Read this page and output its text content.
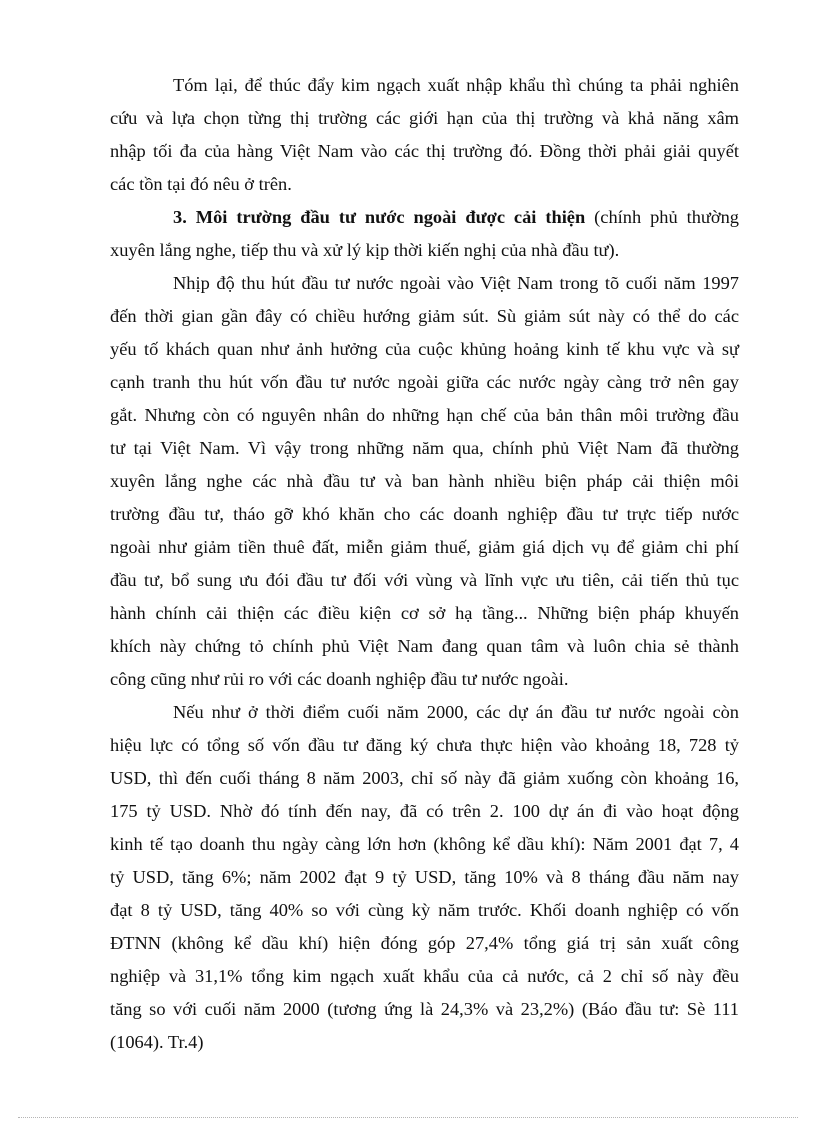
Tóm lại, để thúc đẩy kim ngạch xuất nhập khẩu thì chúng ta phải nghiên
cứu và lựa chọn từng thị trường các giới hạn của thị trường và khả năng xâm
nhập tối đa của hàng Việt Nam vào các thị trường đó. Đồng thời phải giải quyết
các tồn tại đó nêu ở trên.
3. Môi trường đầu tư nước ngoài được cải thiện (chính phủ thường
xuyên lắng nghe, tiếp thu và xử lý kịp thời kiến nghị của nhà đầu tư).
Nhịp độ thu hút đầu tư nước ngoài vào Việt Nam trong tõ cuối năm 1997
đến thời gian gần đây có chiều hướng giảm sút. Sù giảm sút này có thể do các
yếu tố khách quan như ảnh hưởng của cuộc khủng hoảng kinh tế khu vực và sự
cạnh tranh thu hút vốn đầu tư nước ngoài giữa các nước ngày càng trở nên gay
gắt. Nhưng còn có nguyên nhân do những hạn chế của bản thân môi trường đầu
tư tại Việt Nam. Vì vậy trong những năm qua, chính phủ Việt Nam đã thường
xuyên lắng nghe các nhà đầu tư và ban hành nhiều biện pháp cải thiện môi
trường đầu tư, tháo gỡ khó khăn cho các doanh nghiệp đầu tư trực tiếp nước
ngoài như giảm tiền thuê đất, miễn giảm thuế, giảm giá dịch vụ để giảm chi phí
đầu tư, bổ sung ưu đói đầu tư đối với vùng và lĩnh vực ưu tiên, cải tiến thủ tục
hành chính cải thiện các điều kiện cơ sở hạ tầng... Những biện pháp khuyến
khích này chứng tỏ chính phủ Việt Nam đang quan tâm và luôn chia sẻ thành
công cũng như rủi ro với các doanh nghiệp đầu tư nước ngoài.
Nếu như ở thời điểm cuối năm 2000, các dự án đầu tư nước ngoài còn
hiệu lực có tổng số vốn đầu tư đăng ký chưa thực hiện vào khoảng 18, 728 tỷ
USD, thì đến cuối tháng 8 năm 2003, chỉ số này đã giảm xuống còn khoảng 16,
175 tỷ USD. Nhờ đó tính đến nay, đã có trên 2. 100 dự án đi vào hoạt động
kinh tế tạo doanh thu ngày càng lớn hơn (không kể dầu khí): Năm 2001 đạt 7, 4
tỷ USD, tăng 6%; năm 2002 đạt 9 tỷ USD, tăng 10% và 8 tháng đầu năm nay
đạt 8 tỷ USD, tăng 40% so với cùng kỳ năm trước. Khối doanh nghiệp có vốn
ĐTNN (không kể dầu khí) hiện đóng góp 27,4% tổng giá trị sản xuất công
nghiệp và 31,1% tổng kim ngạch xuất khẩu của cả nước, cả 2 chỉ số này đều
tăng so với cuối năm 2000 (tương ứng là 24,3% và 23,2%) (Báo đầu tư: Sè 111
(1064). Tr.4)
